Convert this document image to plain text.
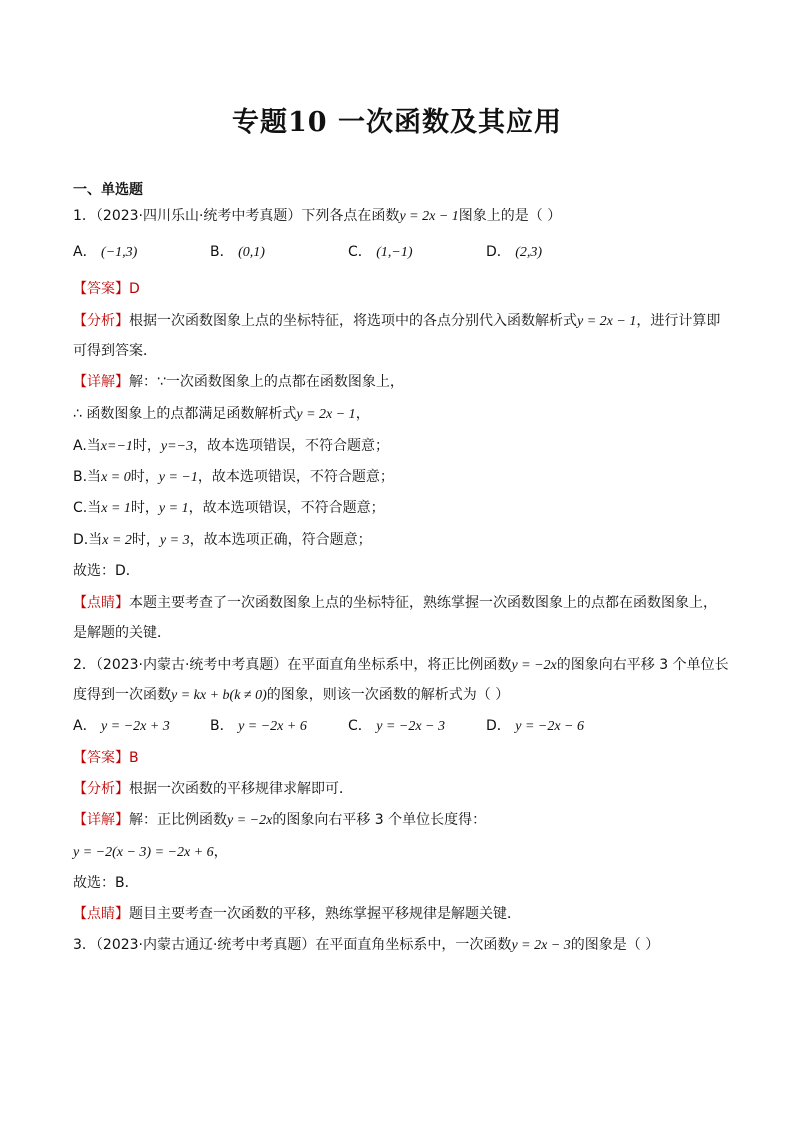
专题10 一次函数及其应用
一、单选题
1．（2023·四川乐山·统考中考真题）下列各点在函数y = 2x − 1图象上的是（ ）
A． (−1,3)	B． (0,1)	C． (1,−1)	D． (2,3)
【答案】D
【分析】根据一次函数图象上点的坐标特征，将选项中的各点分别代入函数解析式y = 2x − 1，进行计算即
可得到答案．
【详解】解：∵一次函数图象上的点都在函数图象上，
∴ 函数图象上的点都满足函数解析式y = 2x − 1，
A.当x=−1时，y=−3，故本选项错误，不符合题意；
B.当x = 0时，y = −1，故本选项错误，不符合题意；
C.当x = 1时，y = 1，故本选项错误，不符合题意；
D.当x = 2时，y = 3，故本选项正确，符合题意；
故选：D．
【点睛】本题主要考查了一次函数图象上点的坐标特征，熟练掌握一次函数图象上的点都在函数图象上，
是解题的关键．
2．（2023·内蒙古·统考中考真题）在平面直角坐标系中，将正比例函数y = −2x的图象向右平移 3 个单位长
度得到一次函数y = kx + b(k ≠ 0)的图象，则该一次函数的解析式为（ ）
A． y = −2x + 3	B． y = −2x + 6	C． y = −2x − 3	D． y = −2x − 6
【答案】B
【分析】根据一次函数的平移规律求解即可．
【详解】解：正比例函数y = −2x的图象向右平移 3 个单位长度得：
y = −2(x − 3) = −2x + 6，
故选：B．
【点睛】题目主要考查一次函数的平移，熟练掌握平移规律是解题关键．
3．（2023·内蒙古通辽·统考中考真题）在平面直角坐标系中，一次函数y = 2x − 3的图象是（ ）
